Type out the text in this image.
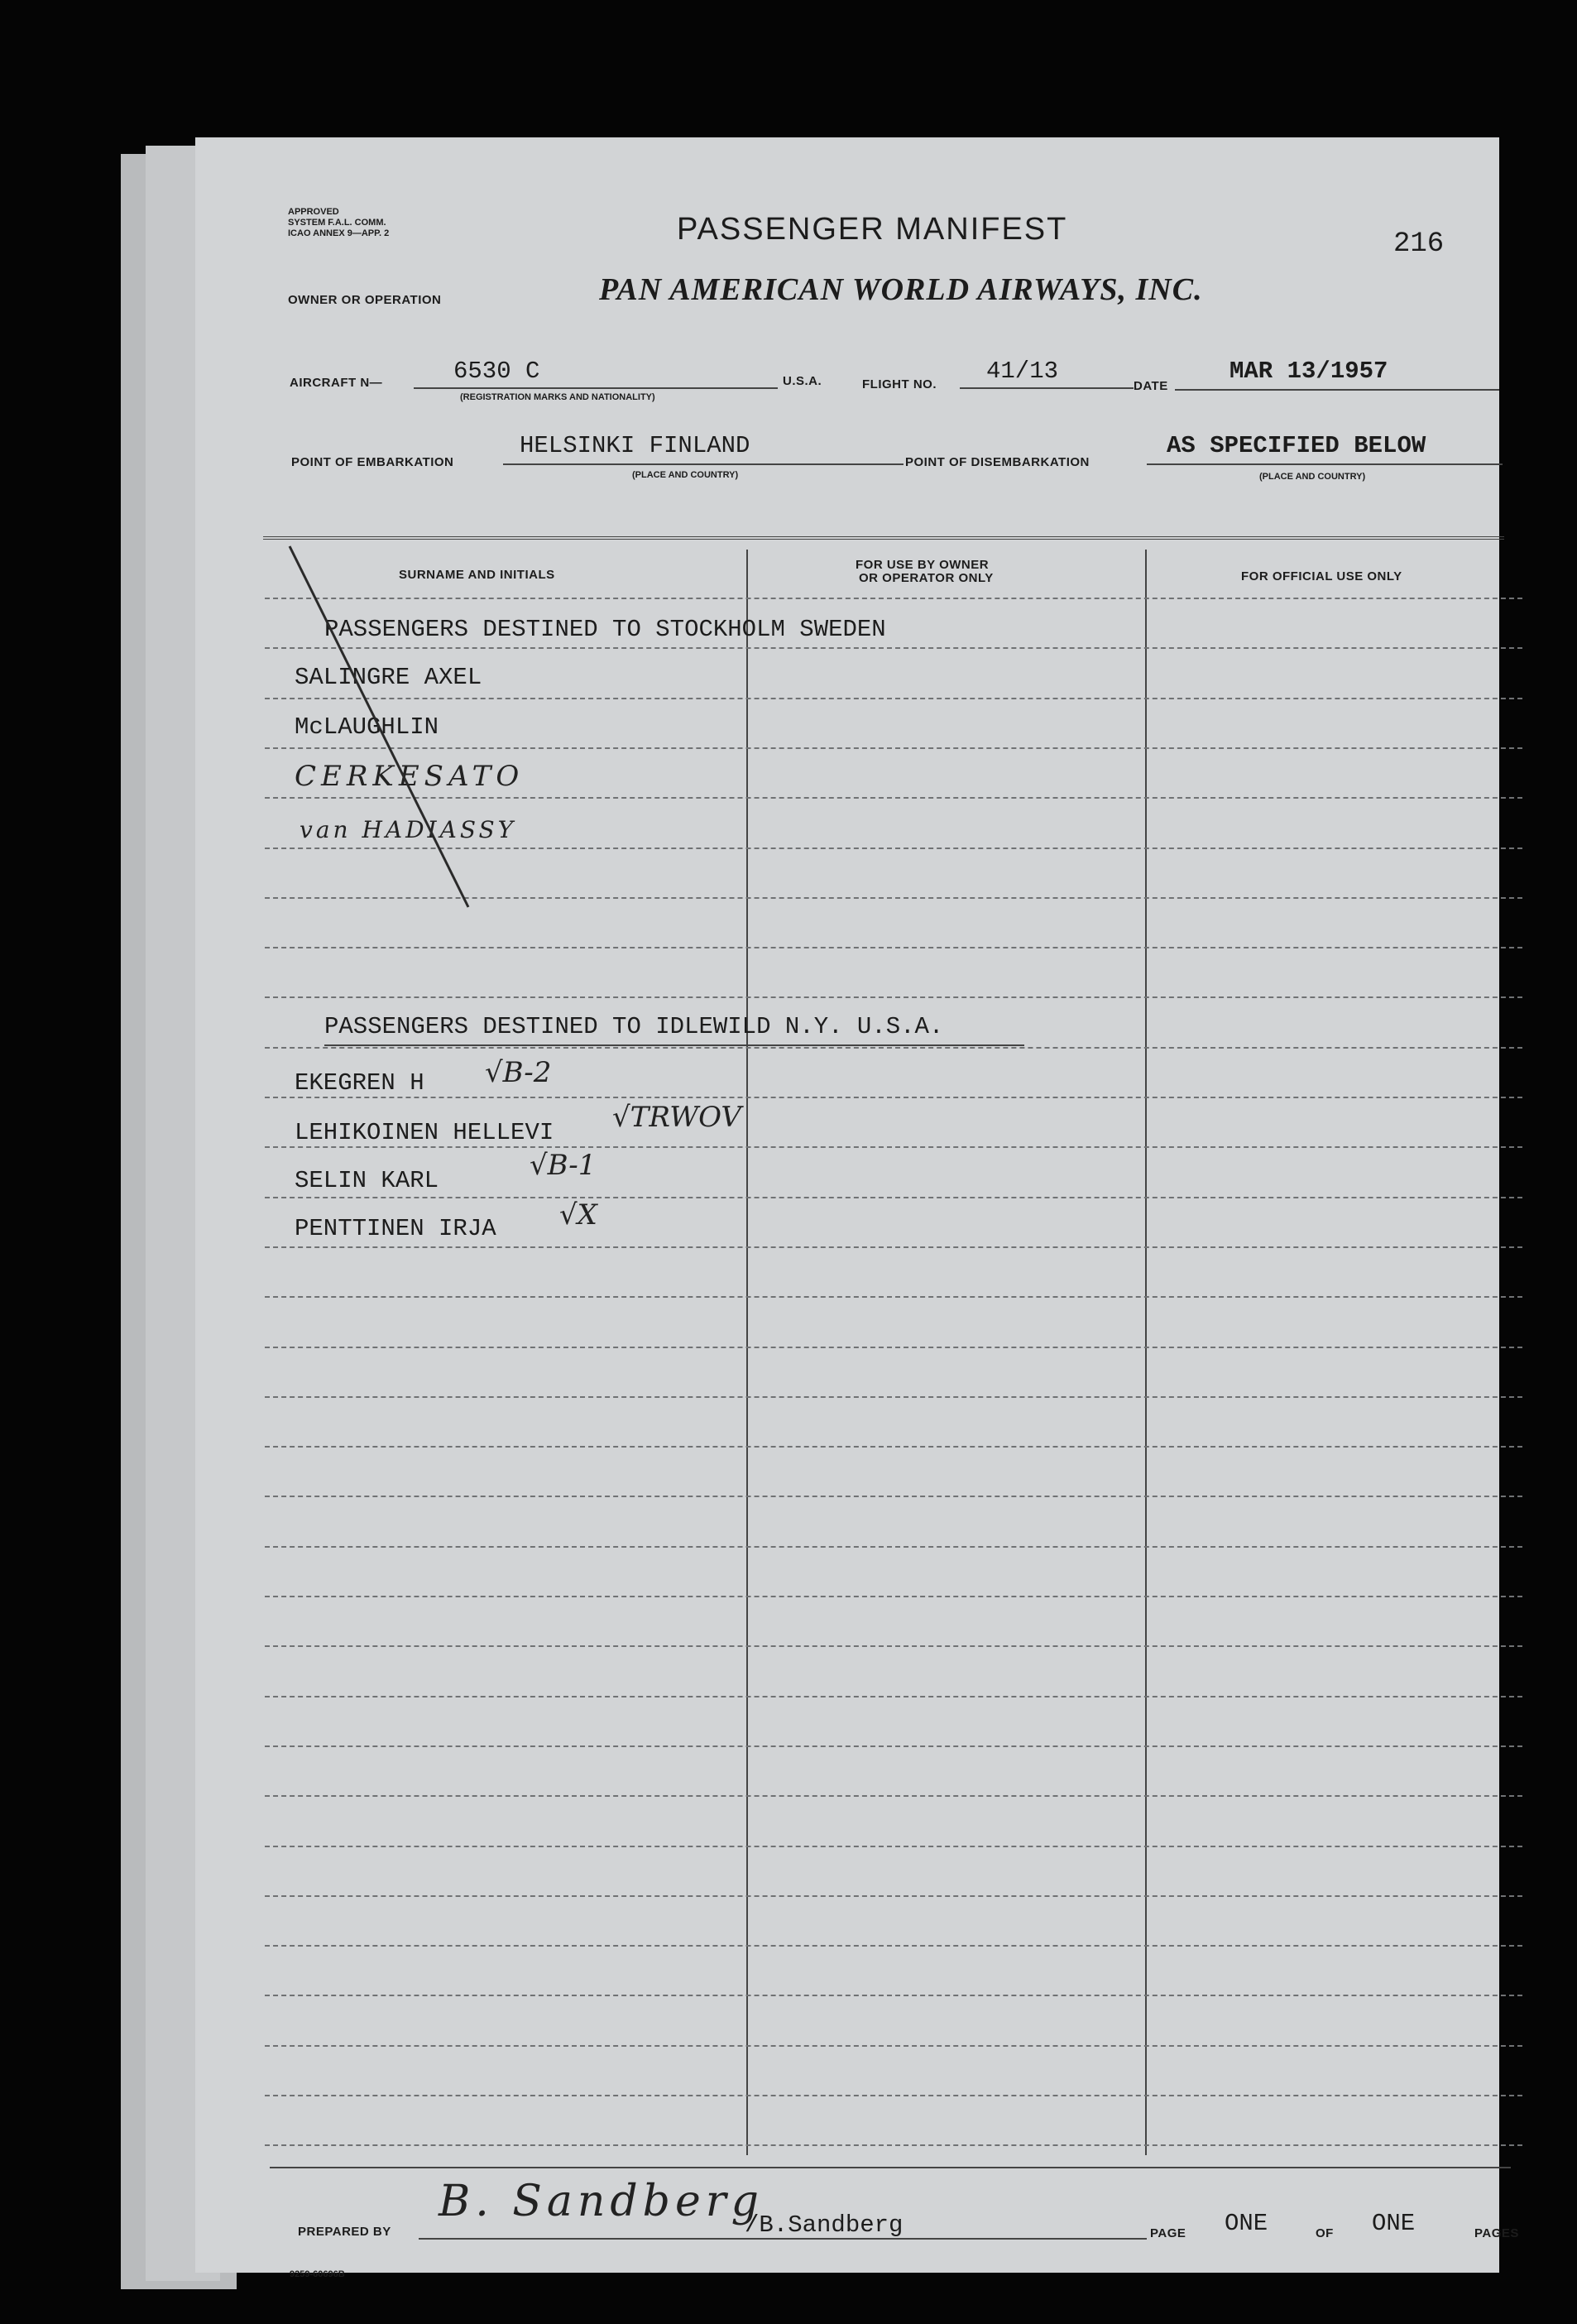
APPROVED
SYSTEM F.A.L. COMM.
ICAO ANNEX 9—APP. 2	PASSENGER MANIFEST	216
OWNER OR OPERATION	PAN AMERICAN WORLD AIRWAYS, INC.
AIRCRAFT N—	6530 C
(REGISTRATION MARKS AND NATIONALITY)
U.S.A.	FLIGHT NO. 41/13
DATE
MAR 13/1957
POINT OF EMBARKATION
HELSINKI FINLAND
(PLACE AND COUNTRY)
POINT OF DISEMBARKATION
AS SPECIFIED BELOW
(PLACE AND COUNTRY)
SURNAME AND INITIALS
FOR USE BY OWNER
OR OPERATOR ONLY	FOR OFFICIAL USE ONLY
PASSENGERS DESTINED TO STOCKHOLM SWEDEN
SALINGRE AXEL
McLAUGHLIN
CERKESATO
van HADIASSY
PASSENGERS DESTINED TO IDLEWILD N.Y. U.S.A.
EKEGREN H √B-2
LEHIKOINEN HELLEVI √TRWOV
SELIN KARL	√B-1
PENTTINEN IRJA √X
PREPARED BY
B. Sandberg
/B.Sandberg	PAGE ONE	OF ONE	PAGES
9259-60696B
